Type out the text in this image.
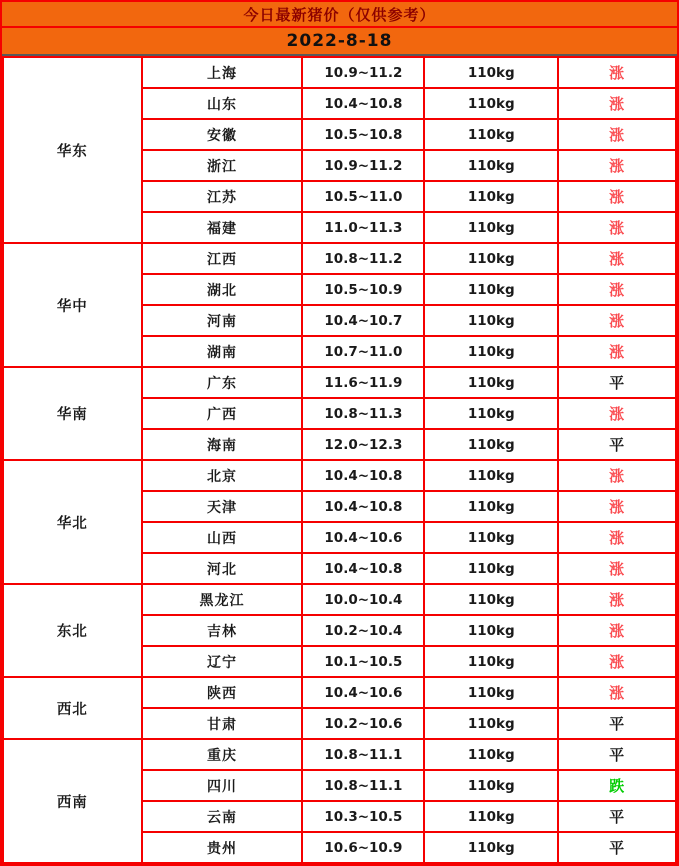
今日最新猪价（仅供参考）
2022-8-18
华东	上海	10.9~11.2	110kg	涨
	山东	10.4~10.8	110kg	涨
	安徽	10.5~10.8	110kg	涨
	浙江	10.9~11.2	110kg	涨
	江苏	10.5~11.0	110kg	涨
	福建	11.0~11.3	110kg	涨
华中	江西	10.8~11.2	110kg	涨
	湖北	10.5~10.9	110kg	涨
	河南	10.4~10.7	110kg	涨
	湖南	10.7~11.0	110kg	涨
华南	广东	11.6~11.9	110kg	平
	广西	10.8~11.3	110kg	涨
	海南	12.0~12.3	110kg	平
华北	北京	10.4~10.8	110kg	涨
	天津	10.4~10.8	110kg	涨
	山西	10.4~10.6	110kg	涨
	河北	10.4~10.8	110kg	涨
东北	黑龙江	10.0~10.4	110kg	涨
	吉林	10.2~10.4	110kg	涨
	辽宁	10.1~10.5	110kg	涨
西北	陕西	10.4~10.6	110kg	涨
	甘肃	10.2~10.6	110kg	平
西南	重庆	10.8~11.1	110kg	平
	四川	10.8~11.1	110kg	跌
	云南	10.3~10.5	110kg	平
	贵州	10.6~10.9	110kg	平
